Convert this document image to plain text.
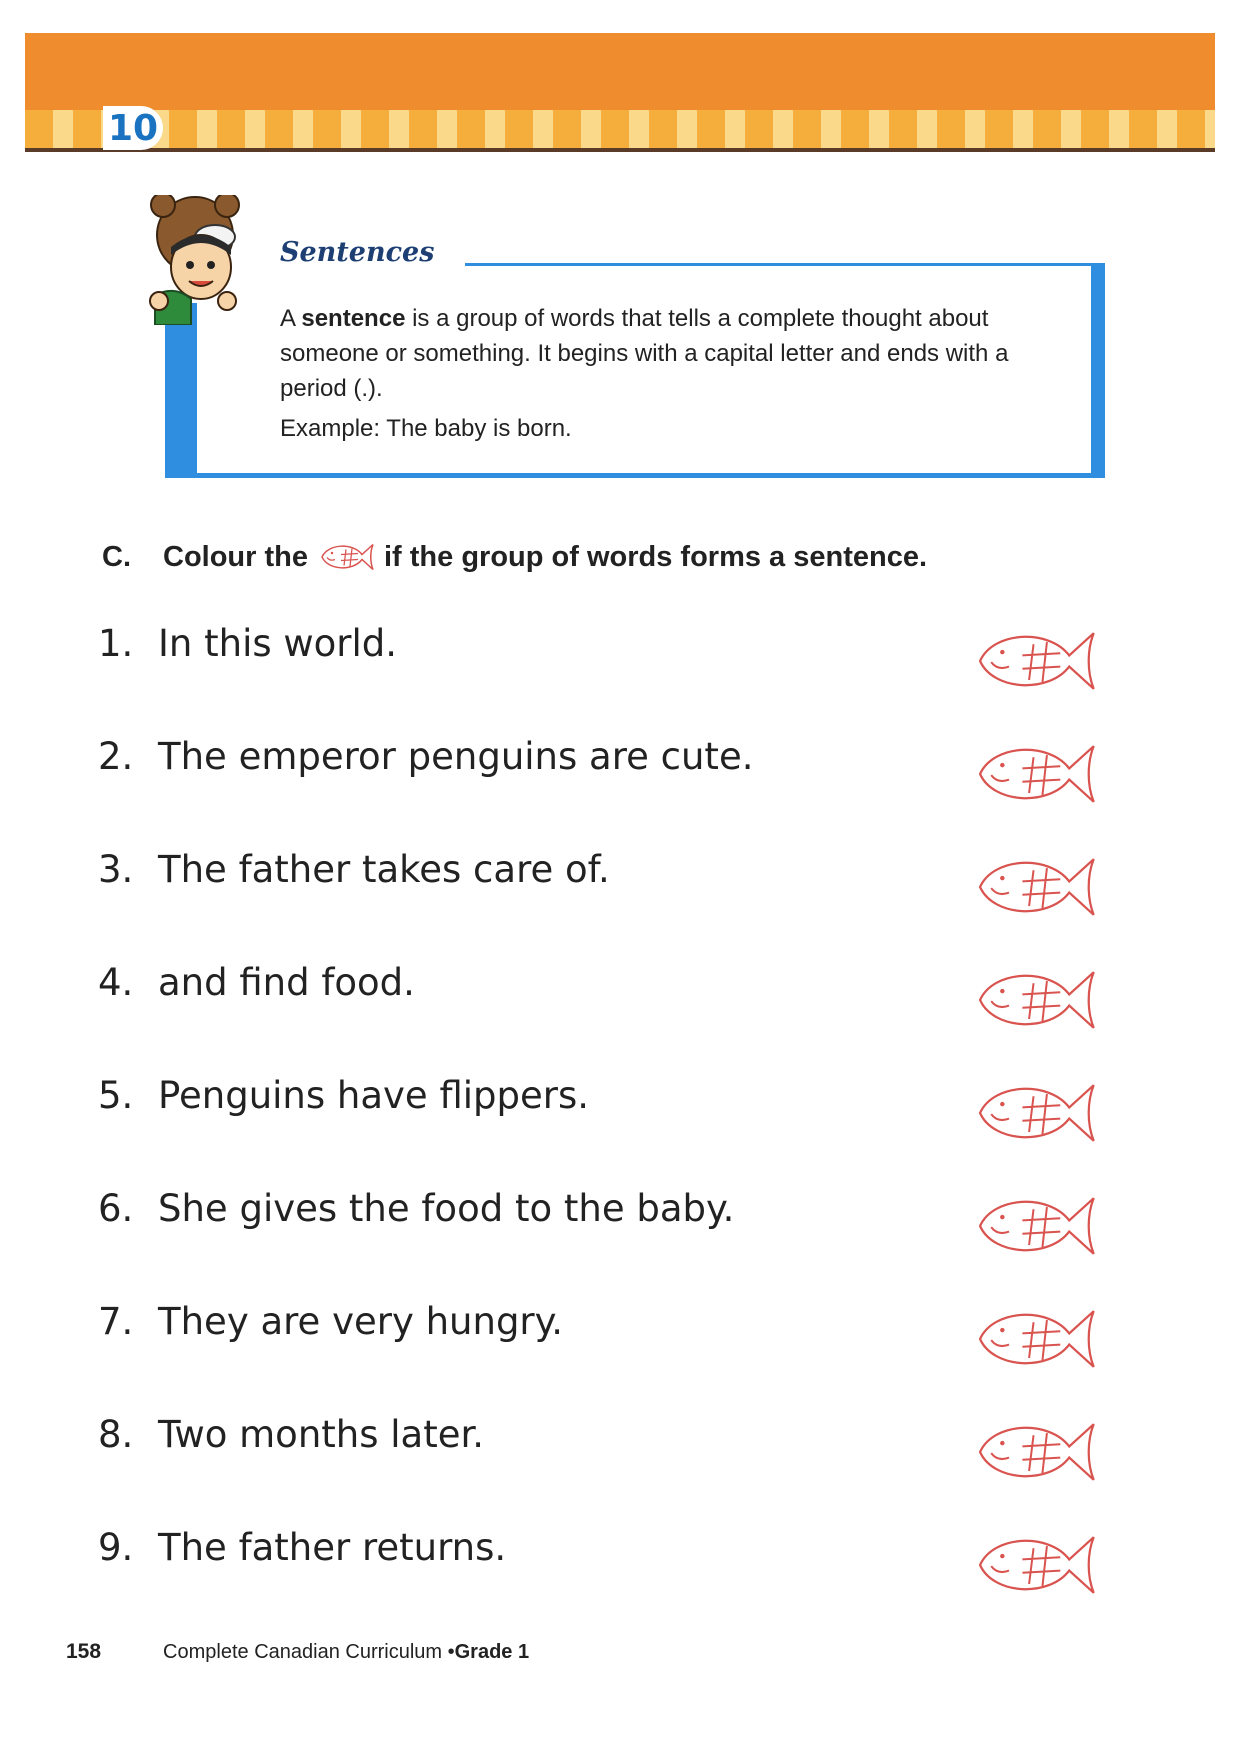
10
Sentences
A sentence is a group of words that tells a complete thought about someone or something. It begins with a capital letter and ends with a period (.).
Example: The baby is born.
C. Colour the	if the group of words forms a sentence.
1. In this world.
2. The emperor penguins are cute.
3. The father takes care of.
4. and find food.
5. Penguins have flippers.
6. She gives the food to the baby.
7. They are very hungry.
8. Two months later.
9. The father returns.
158	Complete Canadian Curriculum • Grade 1
